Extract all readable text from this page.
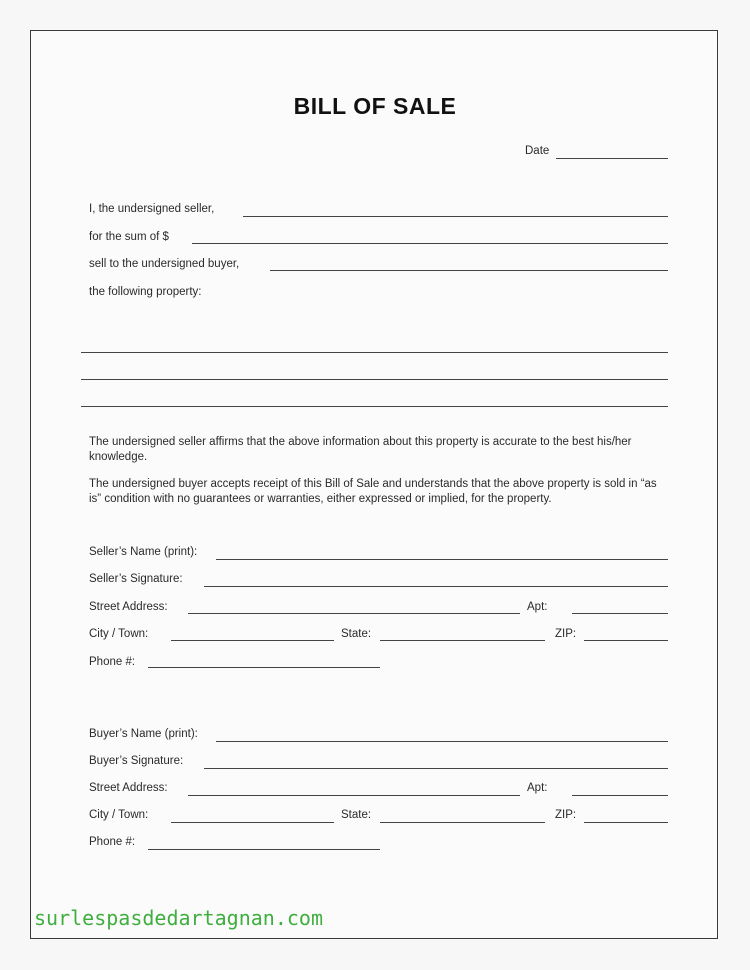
BILL OF SALE
Date
I, the undersigned seller,
for the sum of $
sell to the undersigned buyer,
the following property:
The undersigned seller affirms that the above information about this property is accurate to the best his/her knowledge.
The undersigned buyer accepts receipt of this Bill of Sale and understands that the above property is sold in “as is” condition with no guarantees or warranties, either expressed or implied, for the property.
Seller’s Name (print):
Seller’s Signature:
Street Address:	Apt:
City / Town:	State:	ZIP:
Phone #:
Buyer’s Name (print):
Buyer’s Signature:
Street Address:	Apt:
City / Town:	State:	ZIP:
Phone #:
surlespasdedartagnan.com
